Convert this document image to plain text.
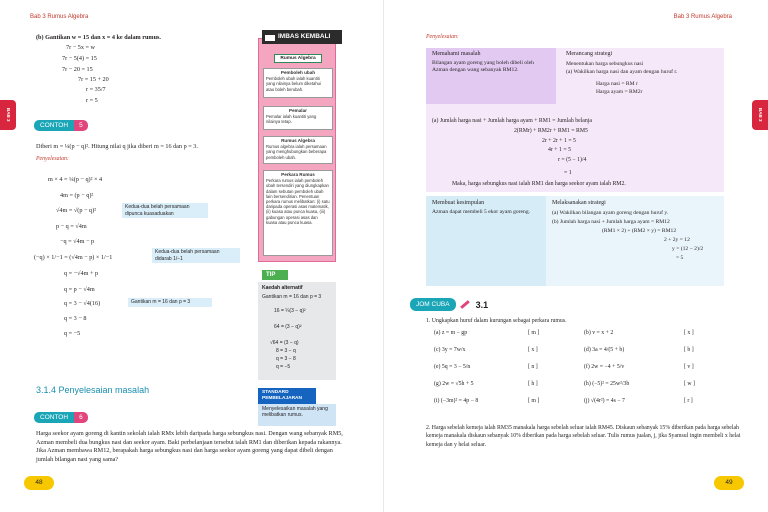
Bab 3 Rumus Algebra
BAB 3
(b) Gantikan w = 15 dan x = 4 ke dalam rumus.
7r − 5x = w
7r − 5(4) = 15
7r − 20 = 15
7r = 15 + 20
r = 35/7
r = 5
CONTOH	5
Diberi m = ¼(p − q)². Hitung nilai q jika diberi m = 16 dan p = 3.
Penyelesaian:
m × 4 = ¼(p − q)² × 4
4m = (p − q)²
√4m = √(p − q)²
p − q = √4m
−q = √4m − p
(−q) × 1/−1 = (√4m − p) × 1/−1
q = −√4m + p
q = p − √4m
q = 3 − √4(16)
q = 3 − 8
q = −5
Kedua-dua belah persamaan dipunca kuasaduakan
Kedua-dua belah persamaan didarab 1/−1
Gantikan m = 16 dan p = 3
IMBAS KEMBALI
Rumus Algebra
Pemboleh ubah
Pemboleh ubah ialah kuantiti yang nilainya belum diketahui atau boleh berubah.
Pemalar
Pemalar ialah kuantiti yang nilainya tetap.
Rumus Algebra
Rumus algebra ialah persamaan yang menghubungkan beberapa pemboleh ubah.
Perkara Rumus
Perkara rumus ialah pemboleh ubah tersendiri yang diungkapkan dalam sebutan pemboleh ubah lain bersendirian. Penentuan perkara rumus melibatkan: (i) satu daripada operasi asas matematik, (ii) kuasa atau punca kuasa, (iii) gabungan operasi asas dan kuasa atau punca kuasa.
TIP
Kaedah alternatif
Gantikan m = 16 dan p = 3
16 = ¼(3 − q)²
64 = (3 − q)²
√64 = (3 − q)
8 = 3 − q
q = 3 − 8
q = −5
STANDARD PEMBELAJARAN
Menyelesaikan masalah yang melibatkan rumus.
3.1.4 Penyelesaian masalah
CONTOH	6
Harga seekor ayam goreng di kantin sekolah ialah RMx lebih daripada harga sebungkus nasi. Dengan wang sebanyak RM5, Azman membeli dua bungkus nasi dan seekor ayam. Baki perbelanjaan tersebut ialah RM1 dan diberikan kepada rakannya. Jika Azman membawa RM12, berapakah harga sebungkus nasi dan harga seekor ayam goreng yang dapat dibeli dengan jumlah bilangan nasi yang sama?
48
Bab 3 Rumus Algebra
BAB 3
Penyelesaian:
Memahami masalah
Bilangan ayam goreng yang boleh dibeli oleh Azman dengan wang sebanyak RM12.
Merancang strategi
Menentukan harga sebungkus nasi
(a) Wakilkan harga nasi dan ayam dengan huruf r.
Harga nasi = RM r
Harga ayam = RM2r
(a) Jumlah harga nasi + Jumlah harga ayam + RM1 = Jumlah belanja
2(RMr) + RM2r + RM1 = RM5
2r + 2r + 1 = 5
4r + 1 = 5
r = (5 − 1)/4
= 1
Maka, harga sebungkus nasi ialah RM1 dan harga seekor ayam ialah RM2.
Membuat kesimpulan
Azman dapat membeli 5 ekor ayam goreng.
Melaksanakan strategi
(a) Wakilkan bilangan ayam goreng dengan huruf y.
(b) Jumlah harga nasi + Jumlah harga ayam = RM12
(RM1 × 2) + (RM2 × y) = RM12
2 + 2y = 12
y = (12 − 2)/2
= 5
JOM CUBA	3.1
1. Ungkapkan huruf dalam kurungan sebagai perkara rumus.
2. Harga sebelah kemeja ialah RM35 manakala harga sebelah seluar ialah RM45. Diskaun sebanyak 15% diberikan pada harga sebelah kemeja manakala diskaun sebanyak 10% diberikan pada harga sebelah seluar. Tulis rumus jualan, j, jika Syamsul ingin membeli x helai kemeja dan y helai seluar.
49
(a) z = m − gp	[ m ]	(b) v = x + 2	[ x ]
(c) 3y = 7w/x	[ x ]	(d) 3a = 4/(5 + b)	[ b ]
(e) 5q = 3 − 5/n	[ n ]	(f) 2w = −4 + 5/v	[ v ]
(g) 2w = √5h + 5	[ h ]	(h) (−5)² = 25w²/3b	[ w ]
(i) (−3m)² = 4p − 8	[ m ]	(j) √(4r²) = 4s − 7	[ r ]
